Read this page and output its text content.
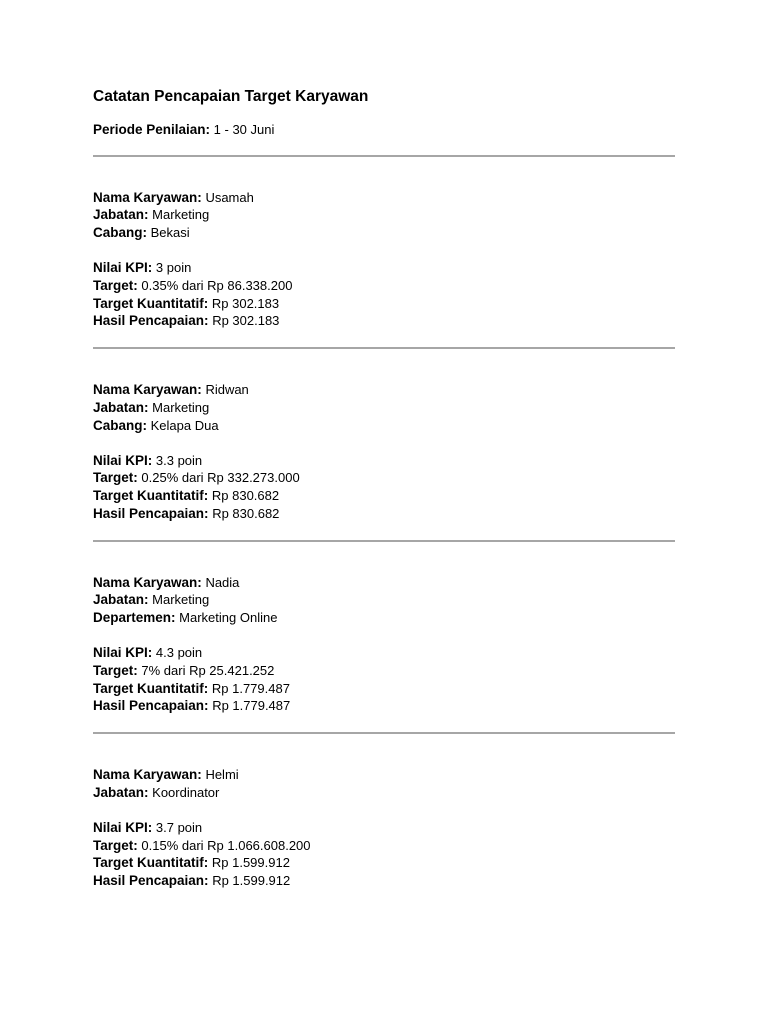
Catatan Pencapaian Target Karyawan
Periode Penilaian: 1 - 30 Juni
Nama Karyawan: Usamah
Jabatan: Marketing
Cabang: Bekasi
Nilai KPI: 3 poin
Target: 0.35% dari Rp 86.338.200
Target Kuantitatif: Rp 302.183
Hasil Pencapaian: Rp 302.183
Nama Karyawan: Ridwan
Jabatan: Marketing
Cabang: Kelapa Dua
Nilai KPI: 3.3 poin
Target: 0.25% dari Rp 332.273.000
Target Kuantitatif: Rp 830.682
Hasil Pencapaian: Rp 830.682
Nama Karyawan: Nadia
Jabatan: Marketing
Departemen: Marketing Online
Nilai KPI: 4.3 poin
Target: 7% dari Rp 25.421.252
Target Kuantitatif: Rp 1.779.487
Hasil Pencapaian: Rp 1.779.487
Nama Karyawan: Helmi
Jabatan: Koordinator
Nilai KPI: 3.7 poin
Target: 0.15% dari Rp 1.066.608.200
Target Kuantitatif: Rp 1.599.912
Hasil Pencapaian: Rp 1.599.912
